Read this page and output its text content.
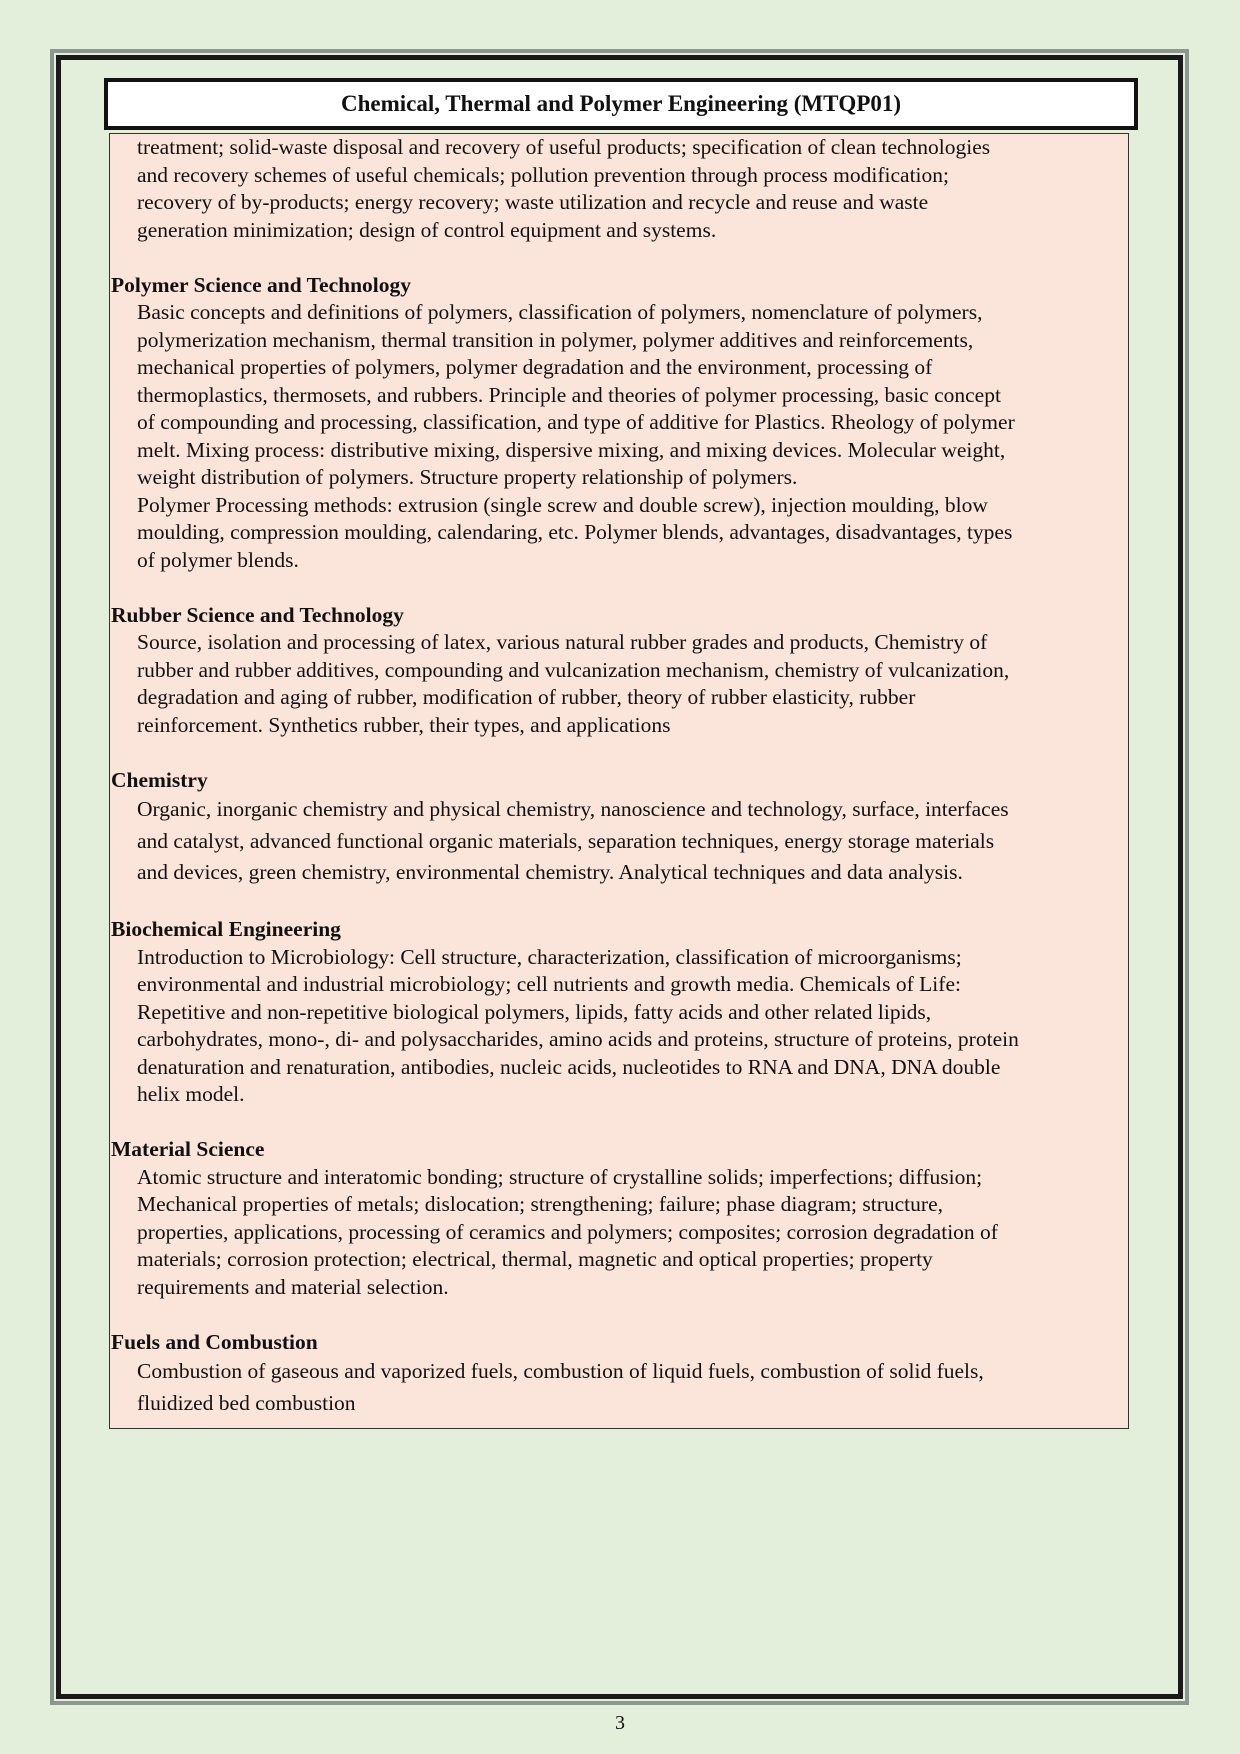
Chemical, Thermal and Polymer Engineering (MTQP01)

treatment; solid-waste disposal and recovery of useful products; specification of clean technologies

and recovery schemes of useful chemicals; pollution prevention through process modification;

recovery of by-products; energy recovery; waste utilization and recycle and reuse and waste

generation minimization; design of control equipment and systems.

Polymer Science and Technology

Basic concepts and definitions of polymers, classification of polymers, nomenclature of polymers,

polymerization mechanism, thermal transition in polymer, polymer additives and reinforcements,

mechanical properties of polymers, polymer degradation and the environment, processing of

thermoplastics, thermosets, and rubbers. Principle and theories of polymer processing, basic concept

of compounding and processing, classification, and type of additive for Plastics. Rheology of polymer

melt. Mixing process: distributive mixing, dispersive mixing, and mixing devices. Molecular weight,

weight distribution of polymers. Structure property relationship of polymers.

Polymer Processing methods: extrusion (single screw and double screw), injection moulding, blow

moulding, compression moulding, calendaring, etc. Polymer blends, advantages, disadvantages, types

of polymer blends.

Rubber Science and Technology

Source, isolation and processing of latex, various natural rubber grades and products, Chemistry of

rubber and rubber additives, compounding and vulcanization mechanism, chemistry of vulcanization,

degradation and aging of rubber, modification of rubber, theory of rubber elasticity, rubber

reinforcement. Synthetics rubber, their types, and applications

Chemistry

Organic, inorganic chemistry and physical chemistry, nanoscience and technology, surface, interfaces

and catalyst, advanced functional organic materials, separation techniques, energy storage materials

and devices, green chemistry, environmental chemistry. Analytical techniques and data analysis.

Biochemical Engineering

Introduction to Microbiology: Cell structure, characterization, classification of microorganisms;

environmental and industrial microbiology; cell nutrients and growth media. Chemicals of Life:

Repetitive and non-repetitive biological polymers, lipids, fatty acids and other related lipids,

carbohydrates, mono-, di- and polysaccharides, amino acids and proteins, structure of proteins, protein

denaturation and renaturation, antibodies, nucleic acids, nucleotides to RNA and DNA, DNA double

helix model.

Material Science

Atomic structure and interatomic bonding; structure of crystalline solids; imperfections; diffusion;

Mechanical properties of metals; dislocation; strengthening; failure; phase diagram; structure,

properties, applications, processing of ceramics and polymers; composites; corrosion degradation of

materials; corrosion protection; electrical, thermal, magnetic and optical properties; property

requirements and material selection.

Fuels and Combustion

Combustion of gaseous and vaporized fuels, combustion of liquid fuels, combustion of solid fuels,

fluidized bed combustion

3
